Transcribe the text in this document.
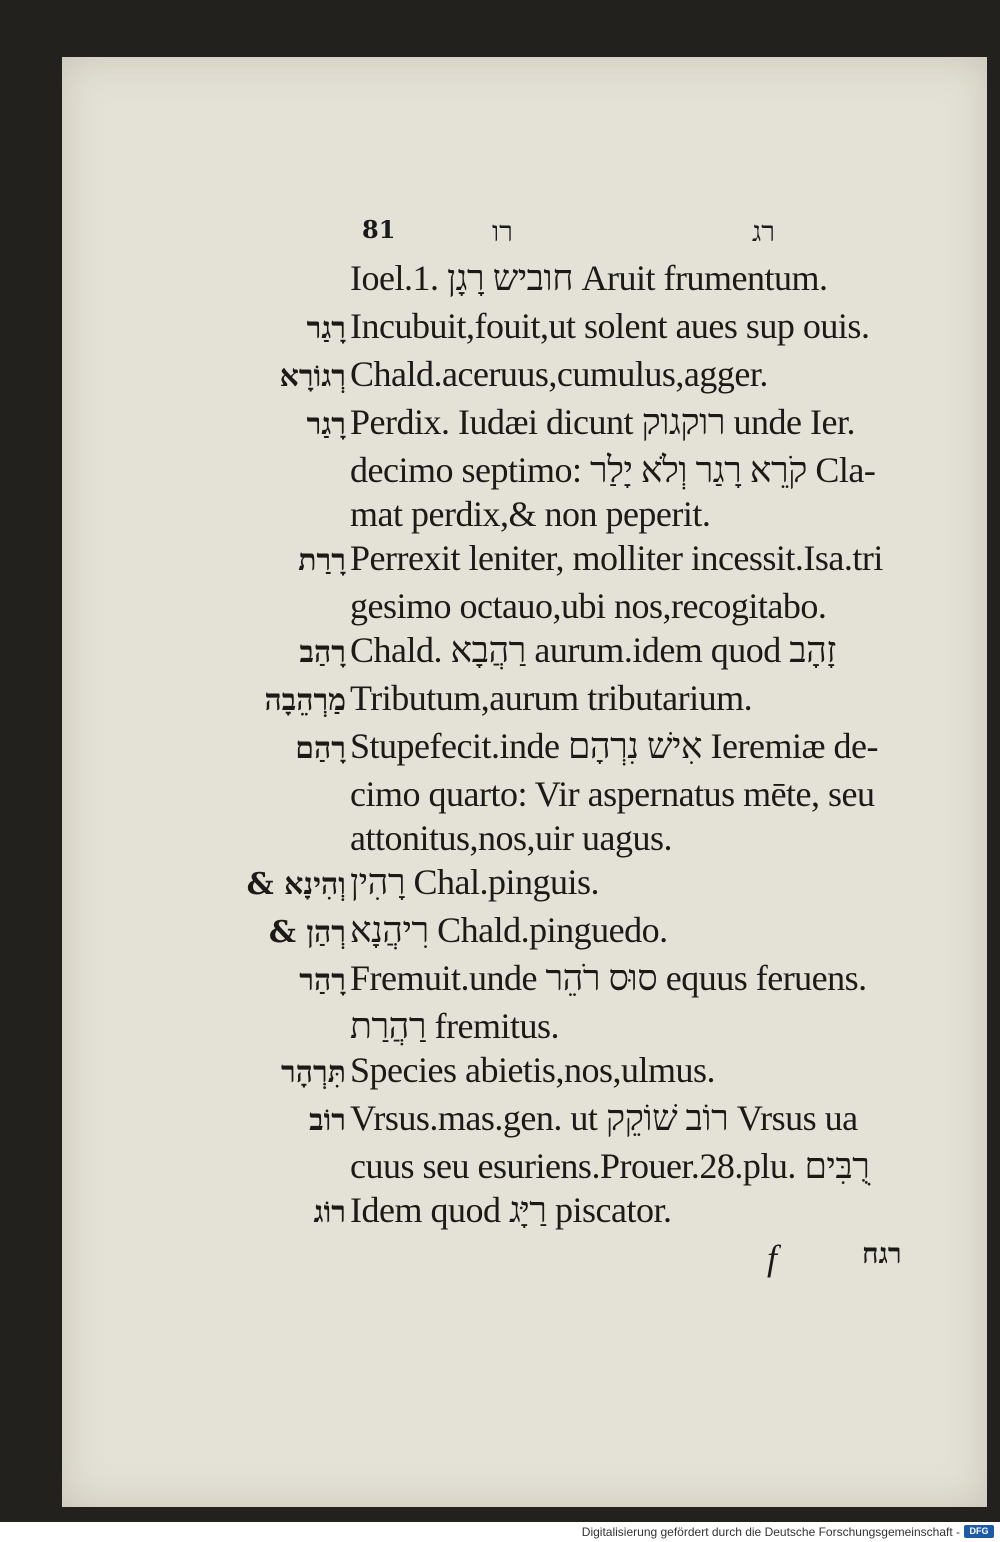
81	רו	רג
Ioel.1. חוביש רָגָן Aruit frumentum.
רָגַר Incubuit,fouit,ut solent aues sup ouis.
רְגוֹרָא Chald.aceruus,cumulus,agger.
רָגַר Perdix. Iudæi dicunt רוקגוק unde Ier.
decimo septimo: קֹרֵא רָגַר וְלֹא יָלַר Cla-
mat perdix,& non peperit.
רָרַת Perrexit leniter, molliter incessit.Isa.tri
gesimo octauo,ubi nos,recogitabo.
רָהַב Chald. רַהֲבָא aurum.idem quod זָהָב
מַרְהֵבָה Tributum,aurum tributarium.
רָהַם Stupefecit.inde אִישׁ נִרְהָם Ieremiæ de-
cimo quarto: Vir aspernatus mēte, seu
attonitus,nos,uir uagus.
וְהִינָא & רָהִין Chal.pinguis.
רְהַן & רִיהֲנָא Chald.pinguedo.
רָהַר Fremuit.unde סוּס רֹהֵר equus feruens.
רַהֲרַת fremitus.
תִּרְהָר Species abietis,nos,ulmus.
רוֹב Vrsus.mas.gen. ut רוֹב שׁוֹקֵק Vrsus ua
cuus seu esuriens.Prouer.28.plu. רֻבִּים
רוֹג Idem quod רַיָּג piscator.
f	רגח
Digitalisierung gefördert durch die Deutsche Forschungsgemeinschaft -	DFG
